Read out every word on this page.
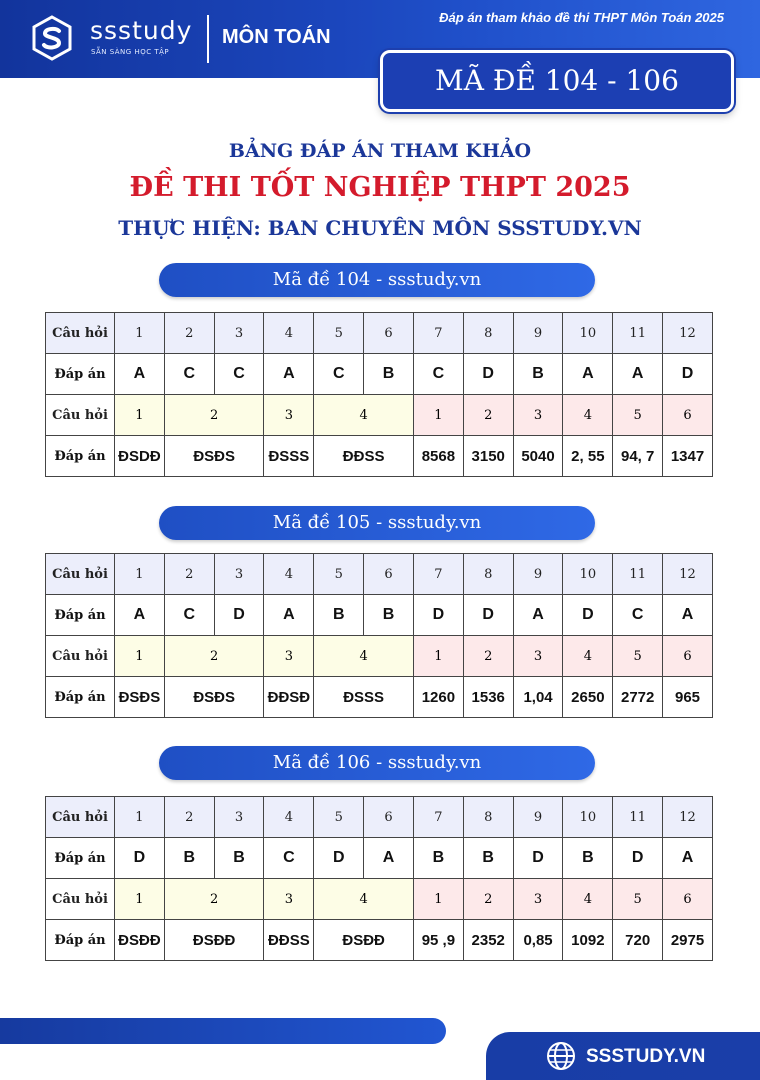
ssstudy
SẴN SÀNG HỌC TẬP
MÔN TOÁN
Đáp án tham khảo đề thi THPT Môn Toán 2025
MÃ ĐỀ 104 - 106
BẢNG ĐÁP ÁN THAM KHẢO
ĐỀ THI TỐT NGHIỆP THPT 2025
THỰC HIỆN: BAN CHUYÊN MÔN SSSTUDY.VN
Mã đề 104 - ssstudy.vn
Câu hỏi	1	2	3	4	5	6	7	8	9	10	11	12
Đáp án	A	C	C	A	C	B	C	D	B	A	A	D
Câu hỏi	1	2		3	4		1	2	3	4	5	6
Đáp án	ĐSDĐ	ĐSĐS		ĐSSS	ĐĐSS		8568	3150	5040	2, 55	94, 7	1347
Mã đề 105 - ssstudy.vn
Câu hỏi	1	2	3	4	5	6	7	8	9	10	11	12
Đáp án	A	C	D	A	B	B	D	D	A	D	C	A
Câu hỏi	1	2		3	4		1	2	3	4	5	6
Đáp án	ĐSĐS	ĐSĐS		ĐĐSĐ	ĐSSS		1260	1536	1,04	2650	2772	965
Mã đề 106 - ssstudy.vn
Câu hỏi	1	2	3	4	5	6	7	8	9	10	11	12
Đáp án	D	B	B	C	D	A	B	B	D	B	D	A
Câu hỏi	1	2		3	4		1	2	3	4	5	6
Đáp án	ĐSĐĐ	ĐSĐĐ		ĐĐSS	ĐSĐĐ		95 ,9	2352	0,85	1092	720	2975
SSSTUDY.VN
